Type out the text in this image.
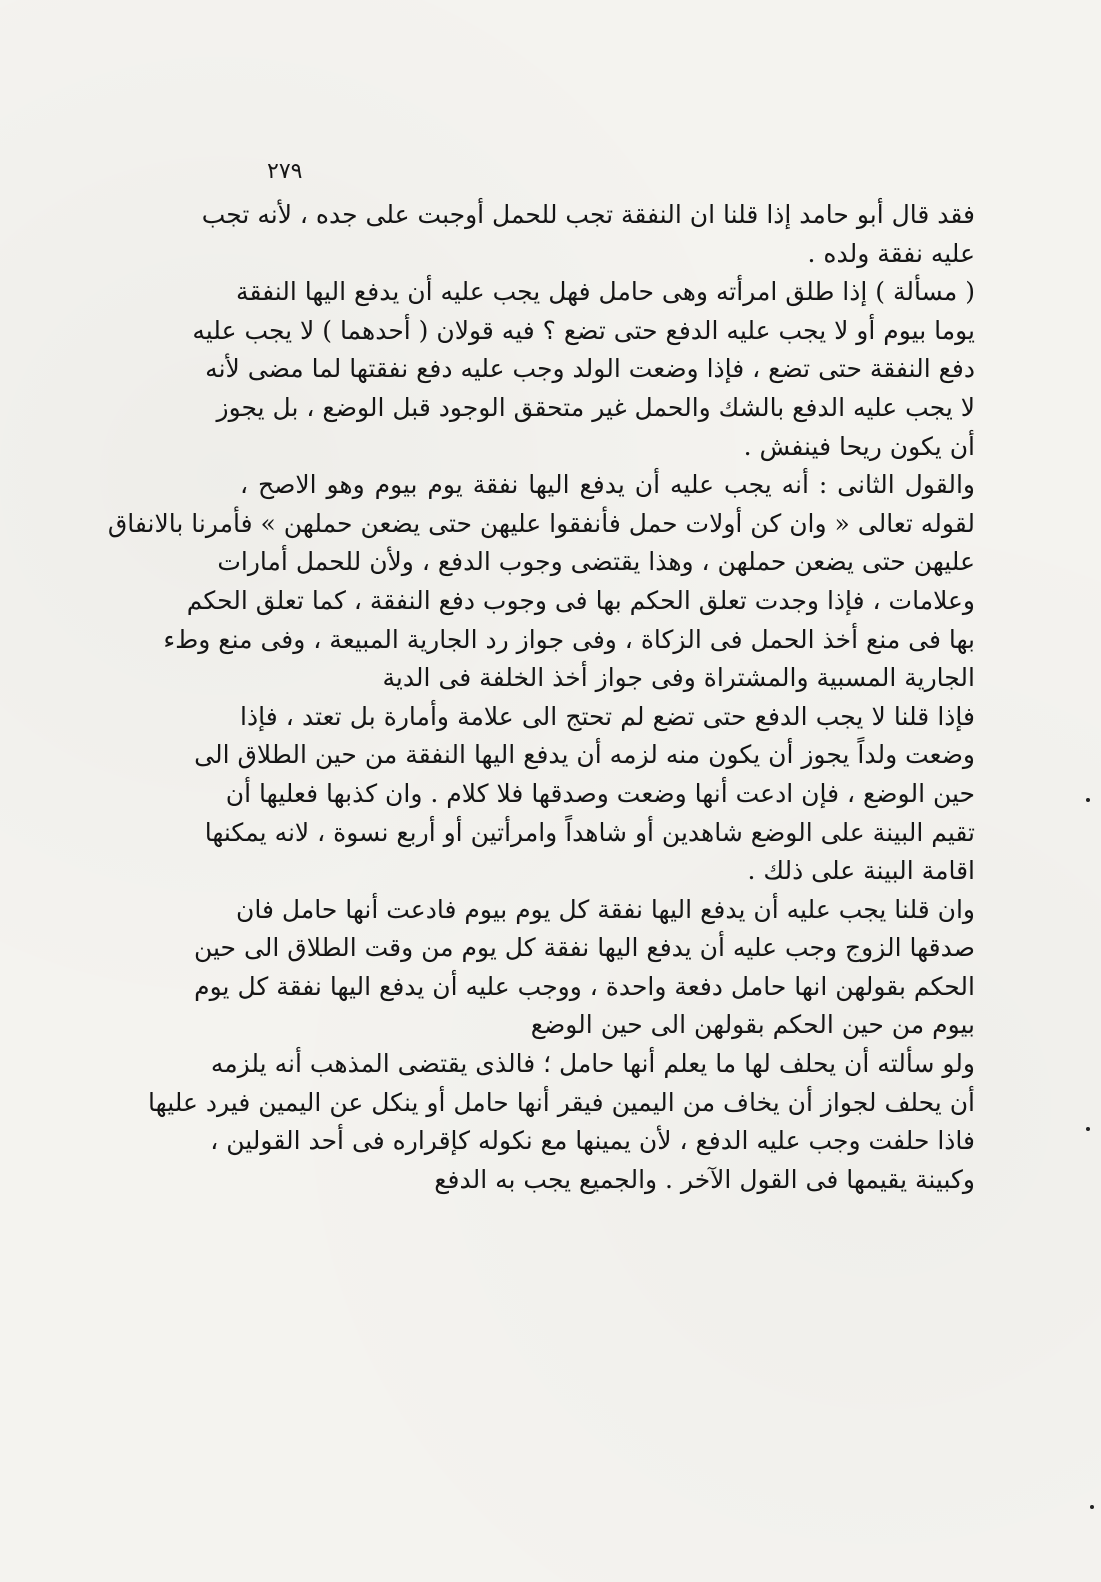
٢٧٩
فقد قال أبو حامد إذا قلنا ان النفقة تجب للحمل أوجبت على جده ، لأنه تجب
عليه نفقة ولده .
( مسألة ) إذا طلق امرأته وهى حامل فهل يجب عليه أن يدفع اليها النفقة
يوما بيوم أو لا يجب عليه الدفع حتى تضع ؟ فيه قولان ( أحدهما ) لا يجب عليه
دفع النفقة حتى تضع ، فإذا وضعت الولد وجب عليه دفع نفقتها لما مضى لأنه
لا يجب عليه الدفع بالشك والحمل غير متحقق الوجود قبل الوضع ، بل يجوز
أن يكون ريحا فينفش .
والقول الثانى : أنه يجب عليه أن يدفع اليها نفقة يوم بيوم وهو الاصح ،
لقوله تعالى « وان كن أولات حمل فأنفقوا عليهن حتى يضعن حملهن » فأمرنا بالانفاق
عليهن حتى يضعن حملهن ، وهذا يقتضى وجوب الدفع ، ولأن للحمل أمارات
وعلامات ، فإذا وجدت تعلق الحكم بها فى وجوب دفع النفقة ، كما تعلق الحكم
بها فى منع أخذ الحمل فى الزكاة ، وفى جواز رد الجارية المبيعة ، وفى منع وطء
الجارية المسبية والمشتراة وفى جواز أخذ الخلفة فى الدية
فإذا قلنا لا يجب الدفع حتى تضع لم تحتج الى علامة وأمارة بل تعتد ، فإذا
وضعت ولداً يجوز أن يكون منه لزمه أن يدفع اليها النفقة من حين الطلاق الى
حين الوضع ، فإن ادعت أنها وضعت وصدقها فلا كلام . وان كذبها فعليها أن
تقيم البينة على الوضع شاهدين أو شاهداً وامرأتين أو أربع نسوة ، لانه يمكنها
اقامة البينة على ذلك .
وان قلنا يجب عليه أن يدفع اليها نفقة كل يوم بيوم فادعت أنها حامل فان
صدقها الزوج وجب عليه أن يدفع اليها نفقة كل يوم من وقت الطلاق الى حين
الحكم بقولهن انها حامل دفعة واحدة ، ووجب عليه أن يدفع اليها نفقة كل يوم
بيوم من حين الحكم بقولهن الى حين الوضع
ولو سألته أن يحلف لها ما يعلم أنها حامل ؛ فالذى يقتضى المذهب أنه يلزمه
أن يحلف لجواز أن يخاف من اليمين فيقر أنها حامل أو ينكل عن اليمين فيرد عليها
فاذا حلفت وجب عليه الدفع ، لأن يمينها مع نكوله كإقراره فى أحد القولين ،
وكبينة يقيمها فى القول الآخر . والجميع يجب به الدفع
